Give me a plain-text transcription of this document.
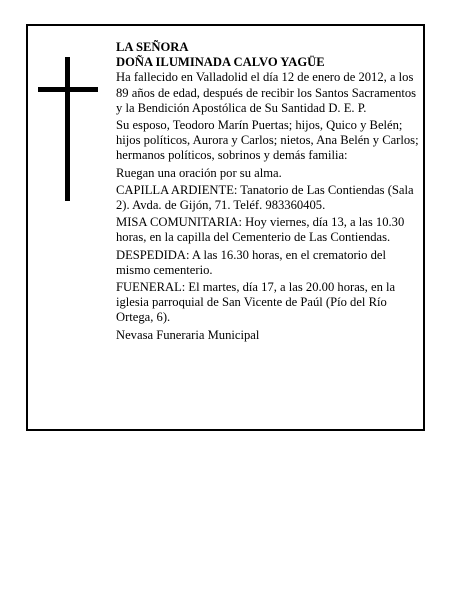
LA SEÑORA

DOÑA ILUMINADA CALVO YAGÜE

Ha fallecido en Valladolid el día 12 de enero de 2012, a los 89 años de edad, después de recibir los Santos Sacramentos y la Bendición Apostólica de Su Santidad D. E. P.

Su esposo, Teodoro Marín Puertas; hijos, Quico y Belén; hijos políticos, Aurora y Carlos; nietos, Ana Belén y Carlos; hermanos políticos, sobrinos y demás familia:

Ruegan una oración por su alma.

CAPILLA ARDIENTE: Tanatorio de Las Contiendas (Sala 2). Avda. de Gijón, 71. Teléf. 983360405.

MISA COMUNITARIA: Hoy viernes, día 13, a las 10.30 horas, en la capilla del Cementerio de Las Contiendas.

DESPEDIDA: A las 16.30 horas, en el crematorio del mismo cementerio.

FUENERAL: El martes, día 17, a las 20.00 horas, en la iglesia parroquial de San Vicente de Paúl (Pío del Río Ortega, 6).

Nevasa Funeraria Municipal
